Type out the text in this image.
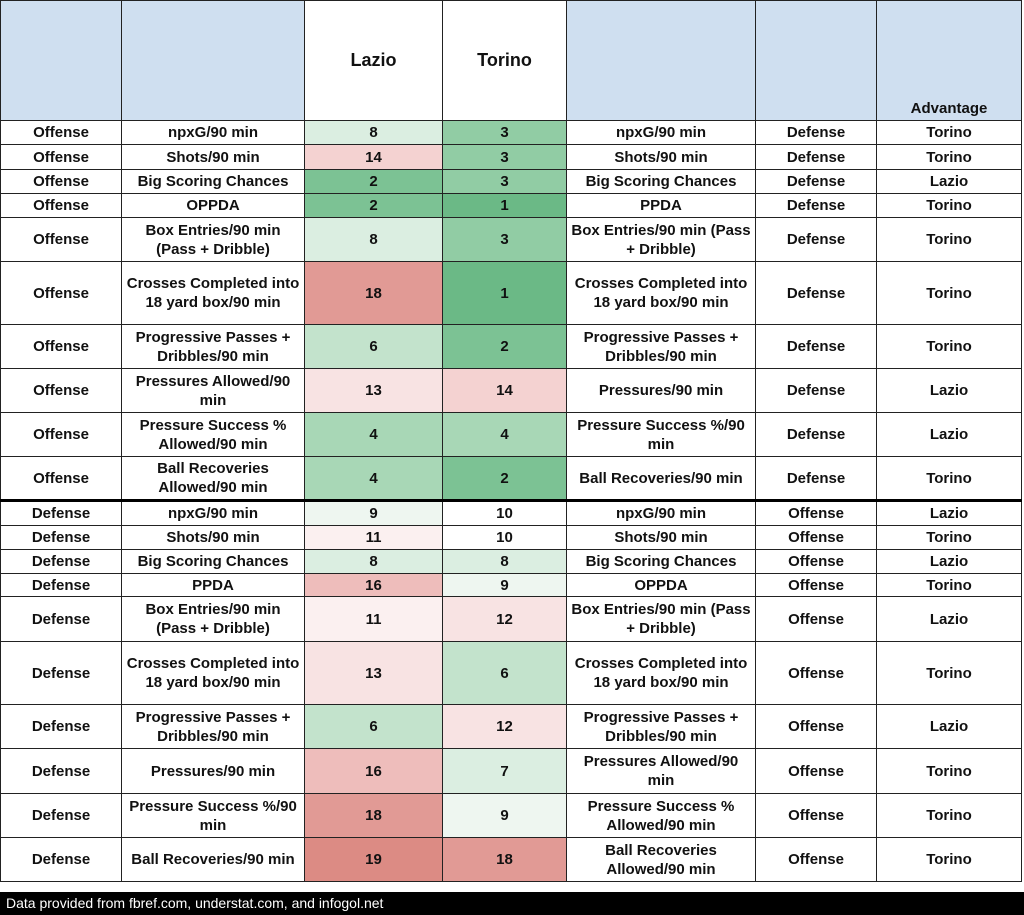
		Lazio	Torino			Advantage
Offense	npxG/90 min	8	3	npxG/90 min	Defense	Torino
Offense	Shots/90 min	14	3	Shots/90 min	Defense	Torino
Offense	Big Scoring Chances	2	3	Big Scoring Chances	Defense	Lazio
Offense	OPPDA	2	1	PPDA	Defense	Torino
Offense	Box Entries/90 min (Pass + Dribble)	8	3	Box Entries/90 min (Pass + Dribble)	Defense	Torino
Offense	Crosses Completed into 18 yard box/90 min	18	1	Crosses Completed into 18 yard box/90 min	Defense	Torino
Offense	Progressive Passes + Dribbles/90 min	6	2	Progressive Passes + Dribbles/90 min	Defense	Torino
Offense	Pressures Allowed/90 min	13	14	Pressures/90 min	Defense	Lazio
Offense	Pressure Success % Allowed/90 min	4	4	Pressure Success %/90 min	Defense	Lazio
Offense	Ball Recoveries Allowed/90 min	4	2	Ball Recoveries/90 min	Defense	Torino
Defense	npxG/90 min	9	10	npxG/90 min	Offense	Lazio
Defense	Shots/90 min	11	10	Shots/90 min	Offense	Torino
Defense	Big Scoring Chances	8	8	Big Scoring Chances	Offense	Lazio
Defense	PPDA	16	9	OPPDA	Offense	Torino
Defense	Box Entries/90 min (Pass + Dribble)	11	12	Box Entries/90 min (Pass + Dribble)	Offense	Lazio
Defense	Crosses Completed into 18 yard box/90 min	13	6	Crosses Completed into 18 yard box/90 min	Offense	Torino
Defense	Progressive Passes + Dribbles/90 min	6	12	Progressive Passes + Dribbles/90 min	Offense	Lazio
Defense	Pressures/90 min	16	7	Pressures Allowed/90 min	Offense	Torino
Defense	Pressure Success %/90 min	18	9	Pressure Success % Allowed/90 min	Offense	Torino
Defense	Ball Recoveries/90 min	19	18	Ball Recoveries Allowed/90 min	Offense	Torino
Data provided from fbref.com, understat.com, and infogol.net
